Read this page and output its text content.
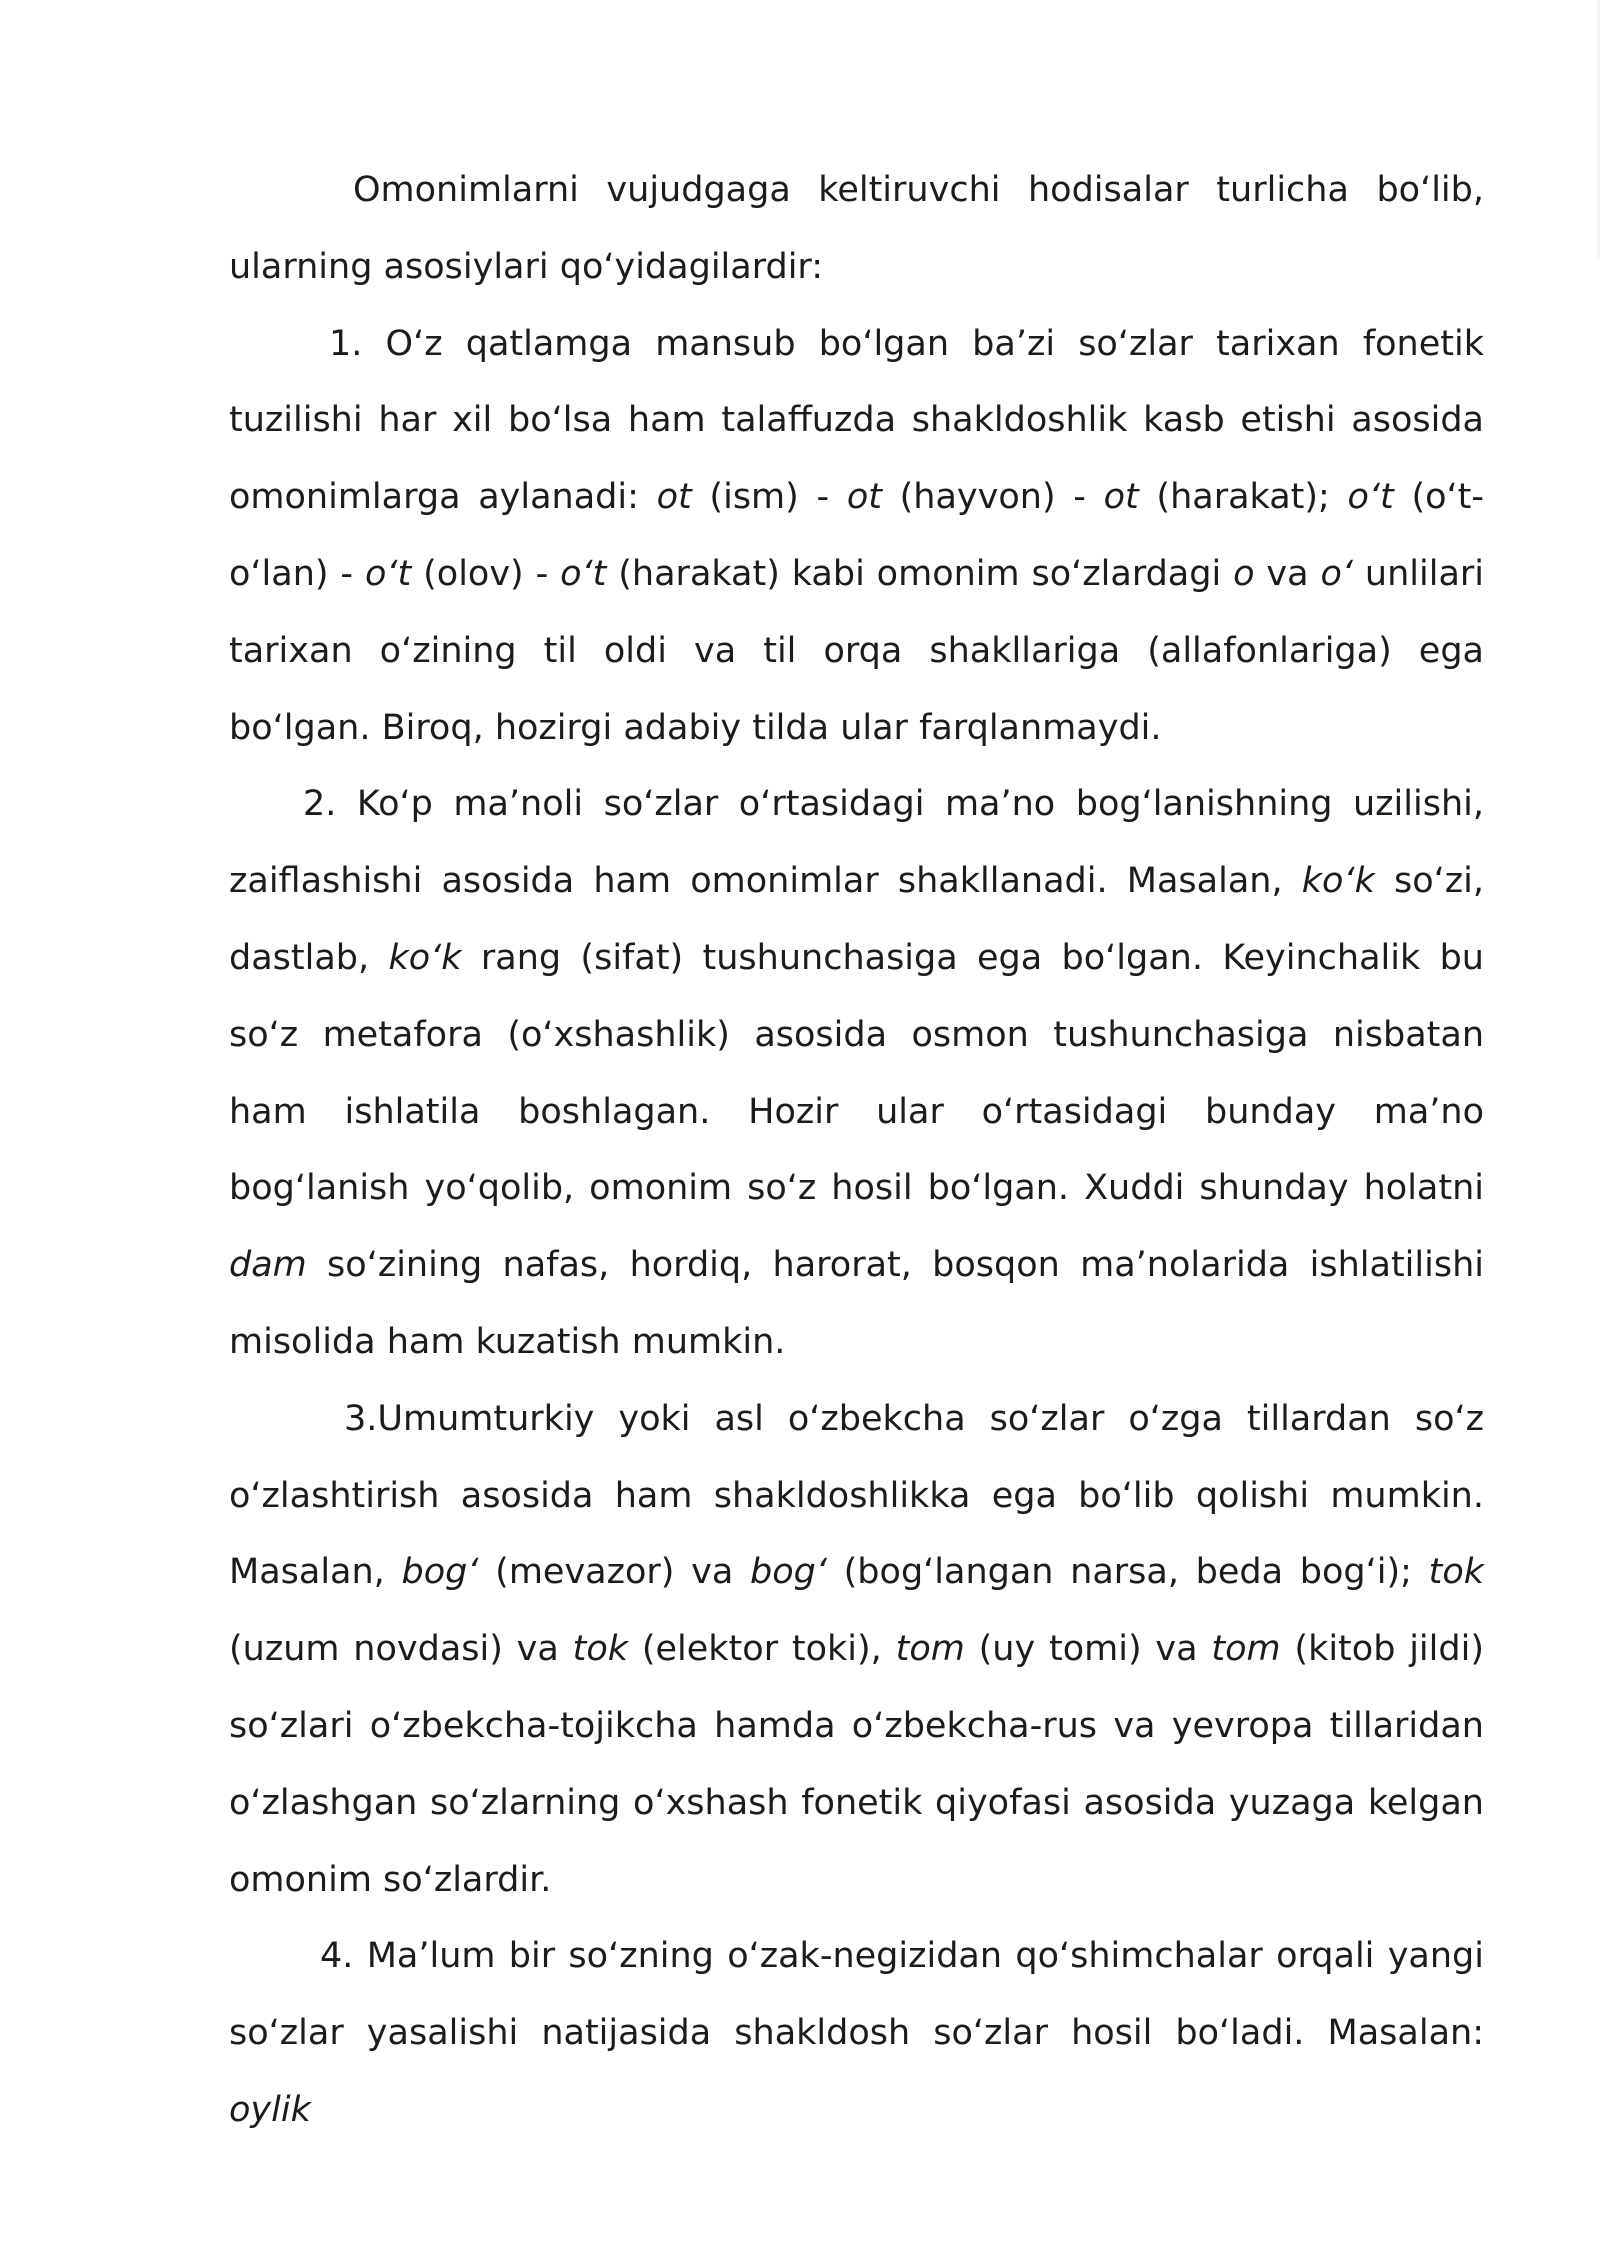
Omonimlarni vujudgaga keltiruvchi hodisalar turlicha bo‘lib, ularning asosiylari qo‘yidagilardir:

1. O‘z qatlamga mansub bo‘lgan ba’zi so‘zlar tarixan fonetik tuzilishi har xil bo‘lsa ham talaffuzda shakldoshlik kasb etishi asosida omonimlarga aylanadi: ot (ism) - ot (hayvon) - ot (harakat); o‘t (o‘t-o‘lan) - o‘t (olov) - o‘t (harakat) kabi omonim so‘zlardagi o va o‘ unlilari tarixan o‘zining til oldi va til orqa shakllariga (allafonlariga) ega bo‘lgan. Biroq, hozirgi adabiy tilda ular farqlanmaydi.

2. Ko‘p ma’noli so‘zlar o‘rtasidagi ma’no bog‘lanishning uzilishi, zaiflashishi asosida ham omonimlar shakllanadi. Masalan, ko‘k so‘zi, dastlab, ko‘k rang (sifat) tushunchasiga ega bo‘lgan. Keyinchalik bu so‘z metafora (o‘xshashlik) asosida osmon tushunchasiga nisbatan ham ishlatila boshlagan. Hozir ular o‘rtasidagi bunday ma’no bog‘lanish yo‘qolib, omonim so‘z hosil bo‘lgan. Xuddi shunday holatni dam so‘zining nafas, hordiq, harorat, bosqon ma’nolarida ishlatilishi misolida ham kuzatish mumkin.

3.Umumturkiy yoki asl o‘zbekcha so‘zlar o‘zga tillardan so‘z o‘zlashtirish asosida ham shakldoshlikka ega bo‘lib qolishi mumkin. Masalan, bog‘ (mevazor) va bog‘ (bog‘langan narsa, beda bog‘i); tok (uzum novdasi) va tok (elektor toki), tom (uy tomi) va tom (kitob jildi) so‘zlari o‘zbekcha-tojikcha hamda o‘zbekcha-rus va yevropa tillaridan o‘zlashgan so‘zlarning o‘xshash fonetik qiyofasi asosida yuzaga kelgan omonim so‘zlardir.

4. Ma’lum bir so‘zning o‘zak-negizidan qo‘shimchalar orqali yangi so‘zlar yasalishi natijasida shakldosh so‘zlar hosil bo‘ladi. Masalan: oylik
